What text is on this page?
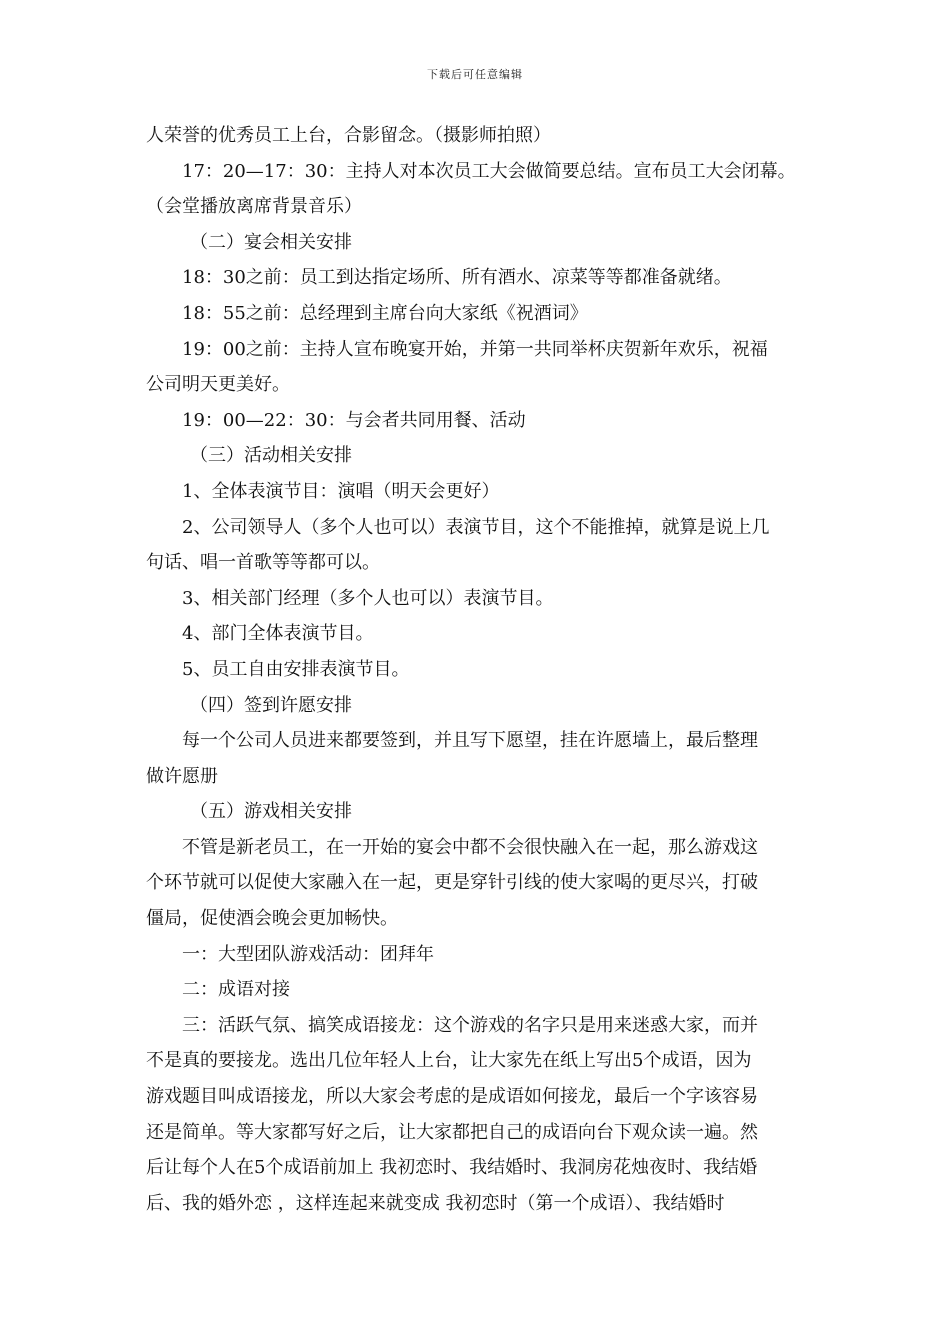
下载后可任意编辑
人荣誉的优秀员工上台，合影留念。（摄影师拍照）
17：20—17：30：主持人对本次员工大会做简要总结。宣布员工大会闭幕。
（会堂播放离席背景音乐）
（二）宴会相关安排
18：30之前：员工到达指定场所、所有酒水、凉菜等等都准备就绪。
18：55之前：总经理到主席台向大家纸《祝酒词》
19：00之前：主持人宣布晚宴开始，并第一共同举杯庆贺新年欢乐，祝福
公司明天更美好。
19：00—22：30：与会者共同用餐、活动
（三）活动相关安排
1、全体表演节目：演唱（明天会更好）
2、公司领导人（多个人也可以）表演节目，这个不能推掉，就算是说上几
句话、唱一首歌等等都可以。
3、相关部门经理（多个人也可以）表演节目。
4、部门全体表演节目。
5、员工自由安排表演节目。
（四）签到许愿安排
每一个公司人员进来都要签到，并且写下愿望，挂在许愿墙上，最后整理
做许愿册
（五）游戏相关安排
不管是新老员工，在一开始的宴会中都不会很快融入在一起，那么游戏这
个环节就可以促使大家融入在一起，更是穿针引线的使大家喝的更尽兴，打破
僵局，促使酒会晚会更加畅快。
一：大型团队游戏活动：团拜年
二：成语对接
三：活跃气氛、搞笑成语接龙：这个游戏的名字只是用来迷惑大家，而并
不是真的要接龙。选出几位年轻人上台，让大家先在纸上写出5个成语，因为
游戏题目叫成语接龙，所以大家会考虑的是成语如何接龙，最后一个字该容易
还是简单。等大家都写好之后，让大家都把自己的成语向台下观众读一遍。然
后让每个人在5个成语前加上 我初恋时、我结婚时、我洞房花烛夜时、我结婚
后、我的婚外恋 ，这样连起来就变成 我初恋时（第一个成语）、我结婚时
